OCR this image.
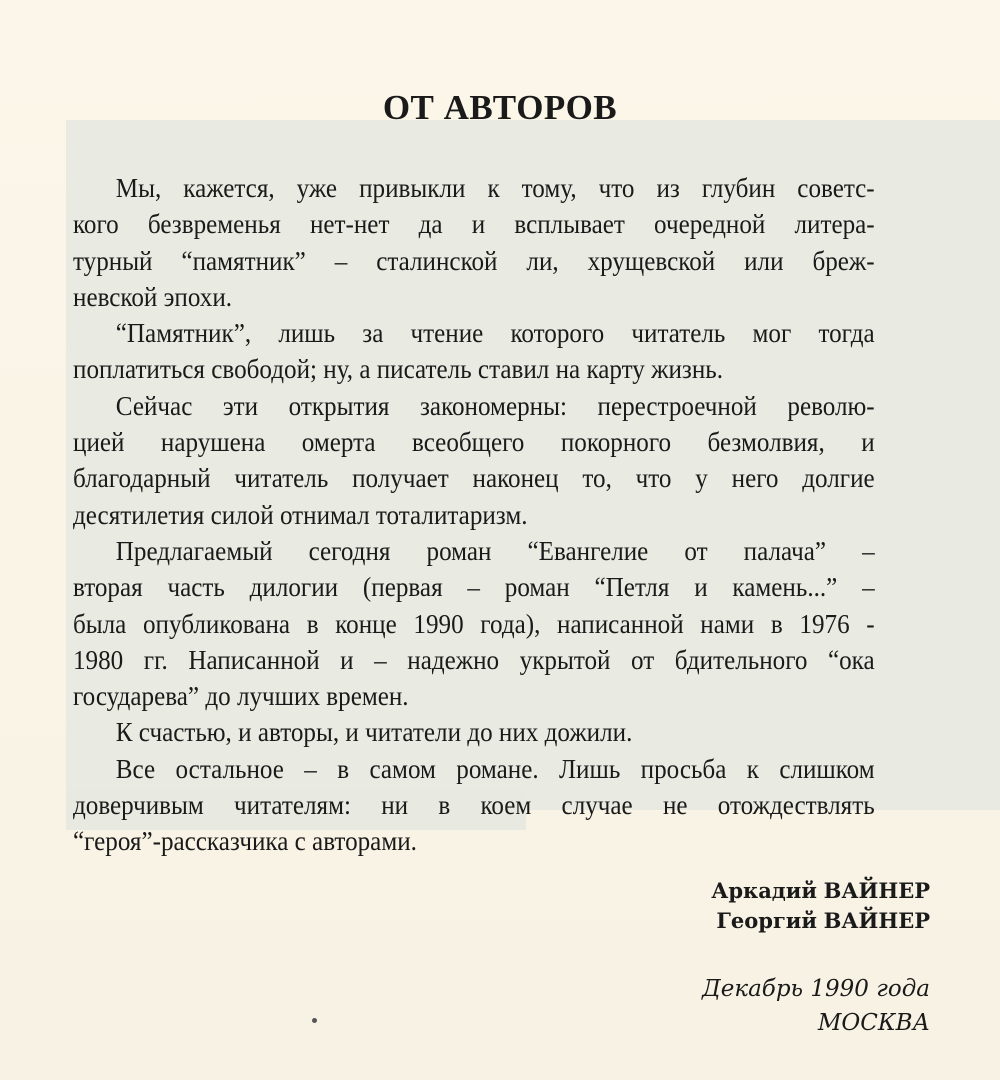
ОТ АВТОРОВ
Мы, кажется, уже привыкли к тому, что из глубин советс-
кого безвременья нет-нет да и всплывает очередной литера-
турный “памятник” – сталинской ли, хрущевской или бреж-
невской эпохи.
“Памятник”, лишь за чтение которого читатель мог тогда
поплатиться свободой; ну, а писатель ставил на карту жизнь.
Сейчас эти открытия закономерны: перестроечной револю-
цией нарушена омерта всеобщего покорного безмолвия, и
благодарный читатель получает наконец то, что у него долгие
десятилетия силой отнимал тоталитаризм.
Предлагаемый сегодня роман “Евангелие от палача” –
вторая часть дилогии (первая – роман “Петля и камень...” –
была опубликована в конце 1990 года), написанной нами в 1976 -
1980 гг. Написанной и – надежно укрытой от бдительного “ока
государева” до лучших времен.
К счастью, и авторы, и читатели до них дожили.
Все остальное – в самом романе. Лишь просьба к слишком
доверчивым читателям: ни в коем случае не отождествлять
“героя”-рассказчика с авторами.
Аркадий ВАЙНЕР
Георгий ВАЙНЕР
Декабрь 1990 года
МОСКВА
